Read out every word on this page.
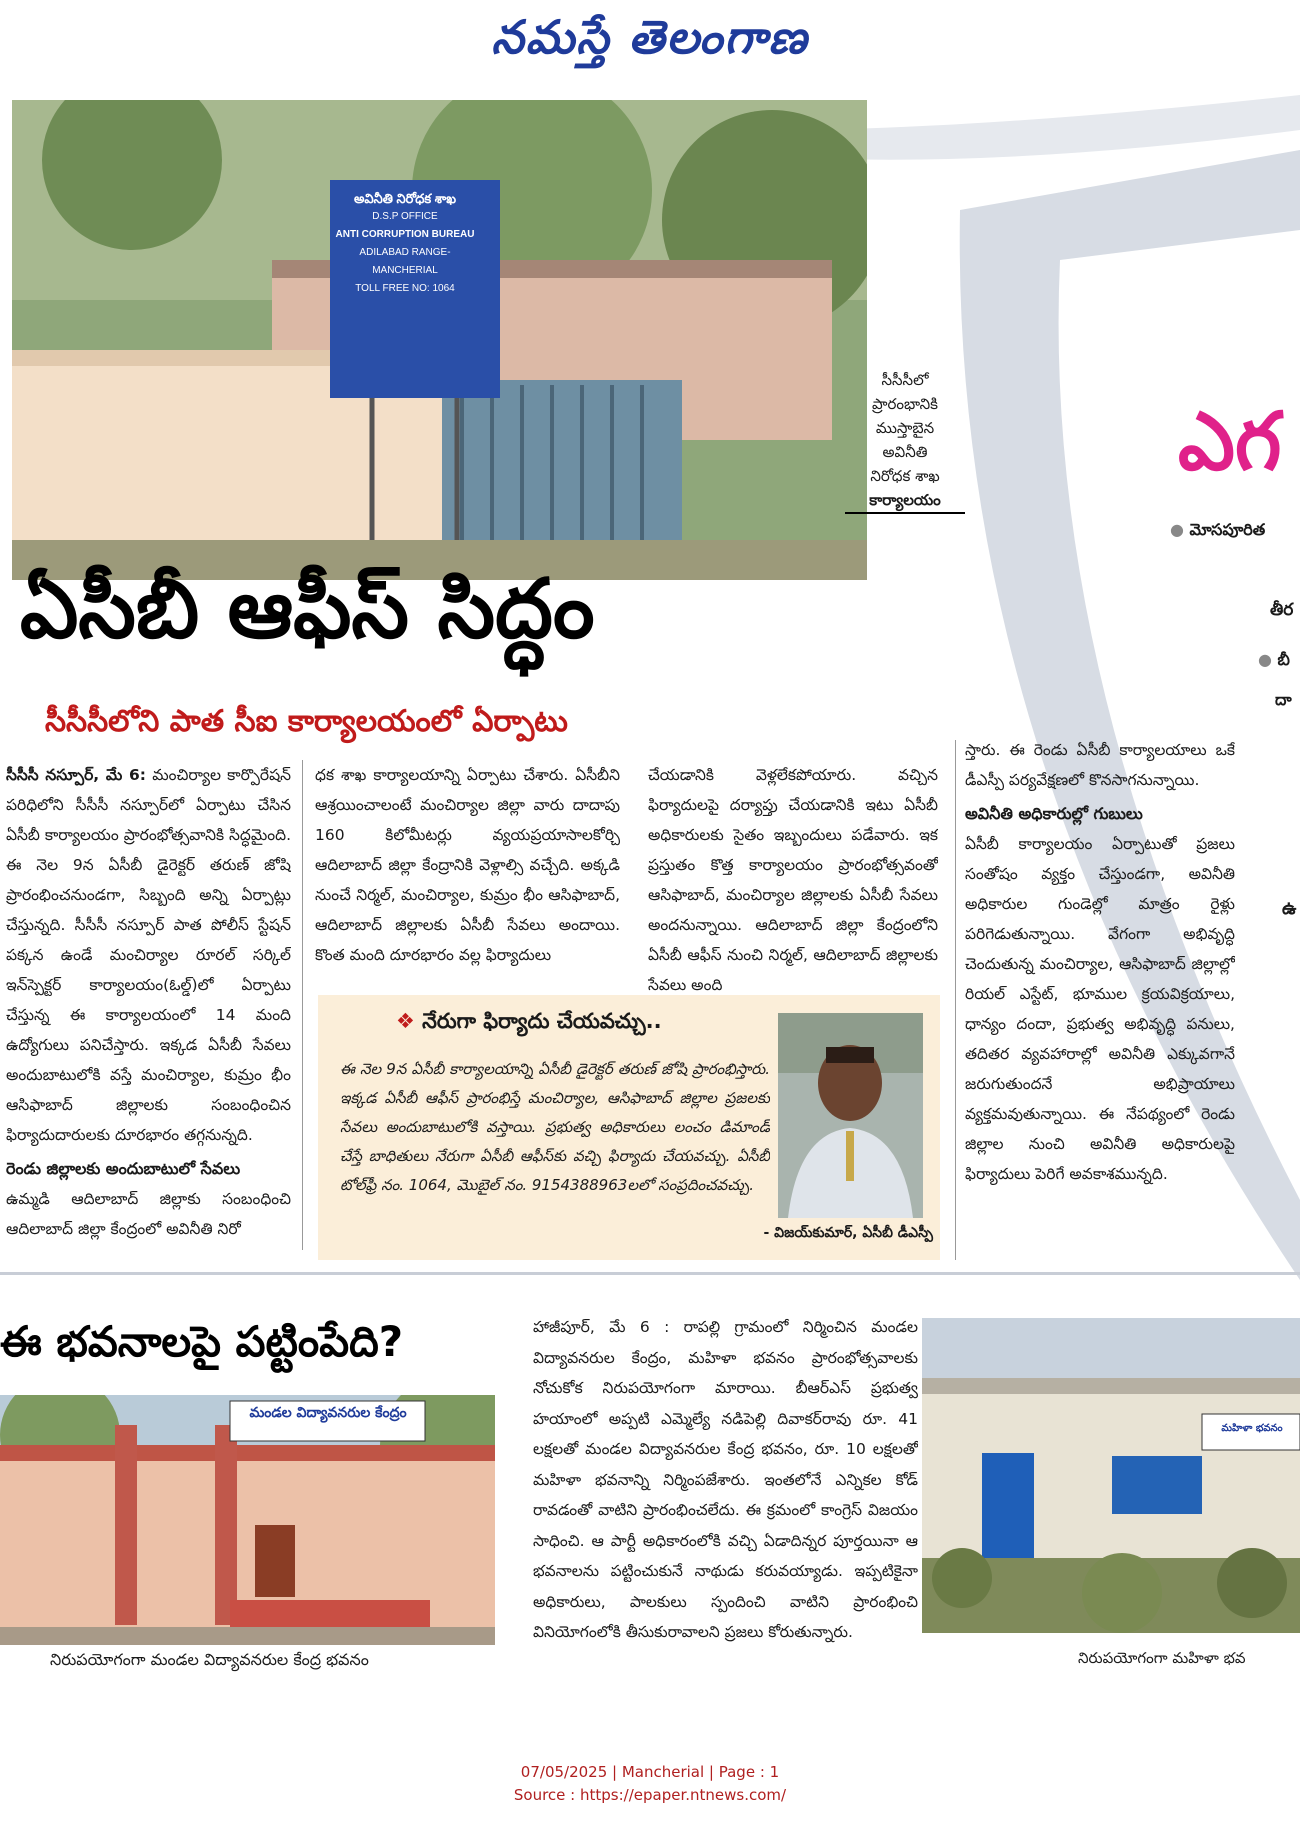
నమస్తే తెలంగాణ
అవినీతి నిరోధక శాఖ
D.S.P OFFICE
ANTI CORRUPTION BUREAU
ADILABAD RANGE-MANCHERIAL
TOLL FREE NO: 1064
సీసీసీలో
ప్రారంభానికి
ముస్తాబైన
అవినీతి
నిరోధక శాఖ
కార్యాలయం
ఏసీబీ ఆఫీస్ సిద్ధం
సీసీసీలోని పాత సీఐ కార్యాలయంలో ఏర్పాటు

సీసీసీ నస్పూర్, మే 6: మంచిర్యాల కార్పొరేషన్ పరిధిలోని సీసీసీ నస్పూర్‌లో ఏర్పాటు చేసిన ఏసీబీ కార్యాలయం ప్రారంభోత్సవానికి సిద్ధమైంది. ఈ నెల 9న ఏసీబీ డైరెక్టర్ తరుణ్ జోషి ప్రారంభించనుండగా, సిబ్బంది అన్ని ఏర్పాట్లు చేస్తున్నది. సీసీసీ నస్పూర్ పాత పోలీస్ స్టేషన్ పక్కన ఉండే మంచిర్యాల రూరల్ సర్కిల్ ఇన్‌స్పెక్టర్ కార్యాలయం(ఓల్డ్)లో ఏర్పాటు చేస్తున్న ఈ కార్యాలయంలో 14 మంది ఉద్యోగులు పనిచేస్తారు. ఇక్కడ ఏసీబీ సేవలు అందుబాటులోకి వస్తే మంచిర్యాల, కుమ్రం భీం ఆసిఫాబాద్ జిల్లాలకు సంబంధించిన ఫిర్యాదుదారులకు దూరభారం తగ్గనున్నది.

రెండు జిల్లాలకు అందుబాటులో సేవలు

ఉమ్మడి ఆదిలాబాద్ జిల్లాకు సంబంధించి ఆదిలాబాద్ జిల్లా కేంద్రంలో అవినీతి నిరో

ధక శాఖ కార్యాలయాన్ని ఏర్పాటు చేశారు. ఏసీబీని ఆశ్రయించాలంటే మంచిర్యాల జిల్లా వారు దాదాపు 160 కిలోమీటర్లు వ్యయప్రయాసాలకోర్చి ఆదిలాబాద్ జిల్లా కేంద్రానికి వెళ్లాల్సి వచ్చేది. అక్కడి నుంచే నిర్మల్, మంచిర్యాల, కుమ్రం భీం ఆసిఫాబాద్, ఆదిలాబాద్ జిల్లాలకు ఏసీబీ సేవలు అందాయి. కొంత మంది దూరభారం వల్ల ఫిర్యాదులు

చేయడానికి వెళ్లలేకపోయారు. వచ్చిన ఫిర్యాదులపై దర్యాప్తు చేయడానికి ఇటు ఏసీబీ అధికారులకు సైతం ఇబ్బందులు పడేవారు. ఇక ప్రస్తుతం కొత్త కార్యాలయం ప్రారంభోత్సవంతో ఆసిఫాబాద్, మంచిర్యాల జిల్లాలకు ఏసీబీ సేవలు అందనున్నాయి. ఆదిలాబాద్ జిల్లా కేంద్రంలోని ఏసీబీ ఆఫీస్ నుంచి నిర్మల్, ఆదిలాబాద్ జిల్లాలకు సేవలు అంది

స్తారు. ఈ రెండు ఏసీబీ కార్యాలయాలు ఒకే డీఎస్పీ పర్యవేక్షణలో కొనసాగనున్నాయి.

అవినీతి అధికారుల్లో గుబులు

ఏసీబీ కార్యాలయం ఏర్పాటుతో ప్రజలు సంతోషం వ్యక్తం చేస్తుండగా, అవినీతి అధికారుల గుండెల్లో మాత్రం రైళ్లు పరిగెడుతున్నాయి. వేగంగా అభివృద్ధి చెందుతున్న మంచిర్యాల, ఆసిఫాబాద్ జిల్లాల్లో రియల్ ఎస్టేట్, భూముల క్రయవిక్రయాలు, ధాన్యం దందా, ప్రభుత్వ అభివృద్ధి పనులు, తదితర వ్యవహారాల్లో అవినీతి ఎక్కువగానే జరుగుతుందనే అభిప్రాయాలు వ్యక్తమవుతున్నాయి. ఈ నేపథ్యంలో రెండు జిల్లాల నుంచి అవినీతి అధికారులపై ఫిర్యాదులు పెరిగే అవకాశమున్నది.

❖ నేరుగా ఫిర్యాదు చేయవచ్చు..
ఈ నెల 9న ఏసీబీ కార్యాలయాన్ని ఏసీబీ డైరెక్టర్ తరుణ్ జోషి ప్రారంభిస్తారు. ఇక్కడ ఏసీబీ ఆఫీస్ ప్రారంభిస్తే మంచిర్యాల, ఆసిఫాబాద్ జిల్లాల ప్రజలకు సేవలు అందుబాటులోకి వస్తాయి. ప్రభుత్వ అధికారులు లంచం డిమాండ్ చేస్తే బాధితులు నేరుగా ఏసీబీ ఆఫీస్‌కు వచ్చి ఫిర్యాదు చేయవచ్చు. ఏసీబీ టోల్‌ఫ్రీ నం. 1064, మొబైల్ నం. 9154388963లలో సంప్రదించవచ్చు.
- విజయ్‌కుమార్, ఏసీబీ డీఎస్పీ
ఎగ
● మోసపూరిత
తీర
● బీ
దా
ఉ
ఈ భవనాలపై పట్టింపేది?
మండల విద్యావనరుల కేంద్రం
నిరుపయోగంగా మండల విద్యావనరుల కేంద్ర భవనం

హాజీపూర్, మే 6 : రాపల్లి గ్రామంలో నిర్మించిన మండల విద్యావనరుల కేంద్రం, మహిళా భవనం ప్రారంభోత్సవాలకు నోచుకోక నిరుపయోగంగా మారాయి. బీఆర్‌ఎస్ ప్రభుత్వ హయాంలో అప్పటి ఎమ్మెల్యే నడిపెల్లి దివాకర్‌రావు రూ. 41 లక్షలతో మండల విద్యావనరుల కేంద్ర భవనం, రూ. 10 లక్షలతో మహిళా భవనాన్ని నిర్మింపజేశారు. ఇంతలోనే ఎన్నికల కోడ్ రావడంతో వాటిని ప్రారంభించలేదు. ఈ క్రమంలో కాంగ్రెస్ విజయం సాధించి. ఆ పార్టీ అధికారంలోకి వచ్చి ఏడాదిన్నర పూర్తయినా ఆ భవనాలను పట్టించుకునే నాథుడు కరువయ్యాడు. ఇప్పటికైనా అధికారులు, పాలకులు స్పందించి వాటిని ప్రారంభించి వినియోగంలోకి తీసుకురావాలని ప్రజలు కోరుతున్నారు.

మహిళా భవనం
నిరుపయోగంగా మహిళా భవ
07/05/2025 | Mancherial | Page : 1
Source : https://epaper.ntnews.com/
